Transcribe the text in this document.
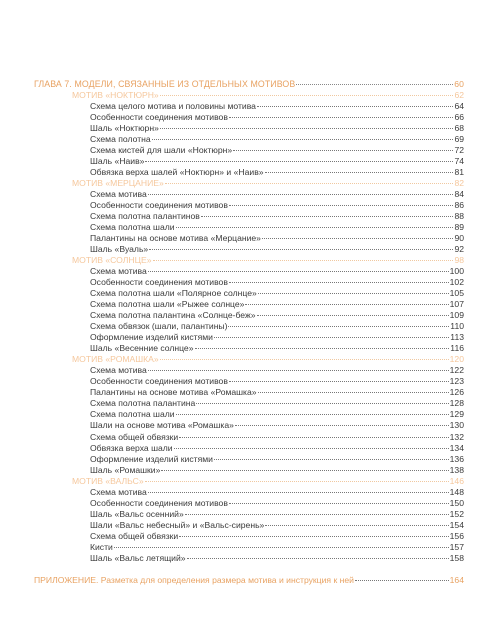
ГЛАВА 7. МОДЕЛИ, СВЯЗАННЫЕ ИЗ ОТДЕЛЬНЫХ МОТИВОВ	60
МОТИВ «НОКТЮРН»	62
Схема целого мотива и половины мотива	64
Особенности соединения мотивов	66
Шаль «Ноктюрн»	68
Схема полотна	69
Схема кистей для шали «Ноктюрн»	72
Шаль «Наив»	74
Обвязка верха шалей «Ноктюрн» и «Наив»	81
МОТИВ «МЕРЦАНИЕ»	82
Схема мотива	84
Особенности соединения мотивов	86
Схема полотна палантинов	88
Схема полотна шали	89
Палантины на основе мотива «Мерцание»	90
Шаль «Вуаль»	92
МОТИВ «СОЛНЦЕ»	98
Схема мотива	100
Особенности соединения мотивов	102
Схема полотна шали «Полярное солнце»	105
Схема полотна шали «Рыжее солнце»	107
Схема полотна палантина «Солнце-беж»	109
Схема обвязок (шали, палантины)	110
Оформление изделий кистями	113
Шаль «Весенние солнце»	116
МОТИВ «РОМАШКА»	120
Схема мотива	122
Особенности соединения мотивов	123
Палантины на основе мотива «Ромашка»	126
Схема полотна палантина	128
Схема полотна шали	129
Шали на основе мотива «Ромашка»	130
Схема общей обвязки	132
Обвязка верха шали	134
Оформление изделий кистями	136
Шаль «Ромашки»	138
МОТИВ «ВАЛЬС»	146
Схема мотива	148
Особенности соединения мотивов	150
Шаль «Вальс осенний»	152
Шали «Вальс небесный» и «Вальс-сирень»	154
Схема общей обвязки	156
Кисти	157
Шаль «Вальс летящий»	158
ПРИЛОЖЕНИЕ. Разметка для определения размера мотива и инструкция к ней	164
